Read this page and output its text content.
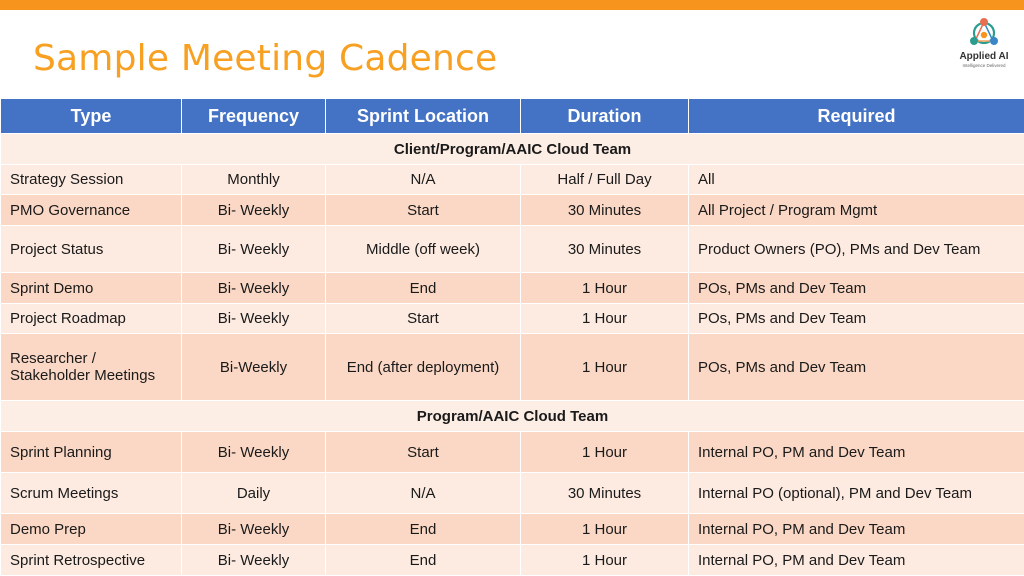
Sample Meeting Cadence	Applied AI
Intelligence Delivered
Type	Frequency	Sprint Location	Duration	Required
Client/Program/AAIC Cloud Team				
Strategy Session	Monthly	N/A	Half / Full Day	All
PMO Governance	Bi- Weekly	Start	30 Minutes	All Project / Program Mgmt
Project Status	Bi- Weekly	Middle (off week)	30 Minutes	Product Owners (PO), PMs and Dev Team
Sprint Demo	Bi- Weekly	End	1 Hour	POs, PMs and Dev Team
Project Roadmap	Bi- Weekly	Start	1 Hour	POs, PMs and Dev Team
Researcher / Stakeholder Meetings	Bi-Weekly	End (after deployment)	1 Hour	POs, PMs and Dev Team
Program/AAIC Cloud Team				
Sprint Planning	Bi- Weekly	Start	1 Hour	Internal PO, PM and Dev Team
Scrum Meetings	Daily	N/A	30 Minutes	Internal PO (optional), PM and Dev Team
Demo Prep	Bi- Weekly	End	1 Hour	Internal PO, PM and Dev Team
Sprint Retrospective	Bi- Weekly	End	1 Hour	Internal PO, PM and Dev Team
